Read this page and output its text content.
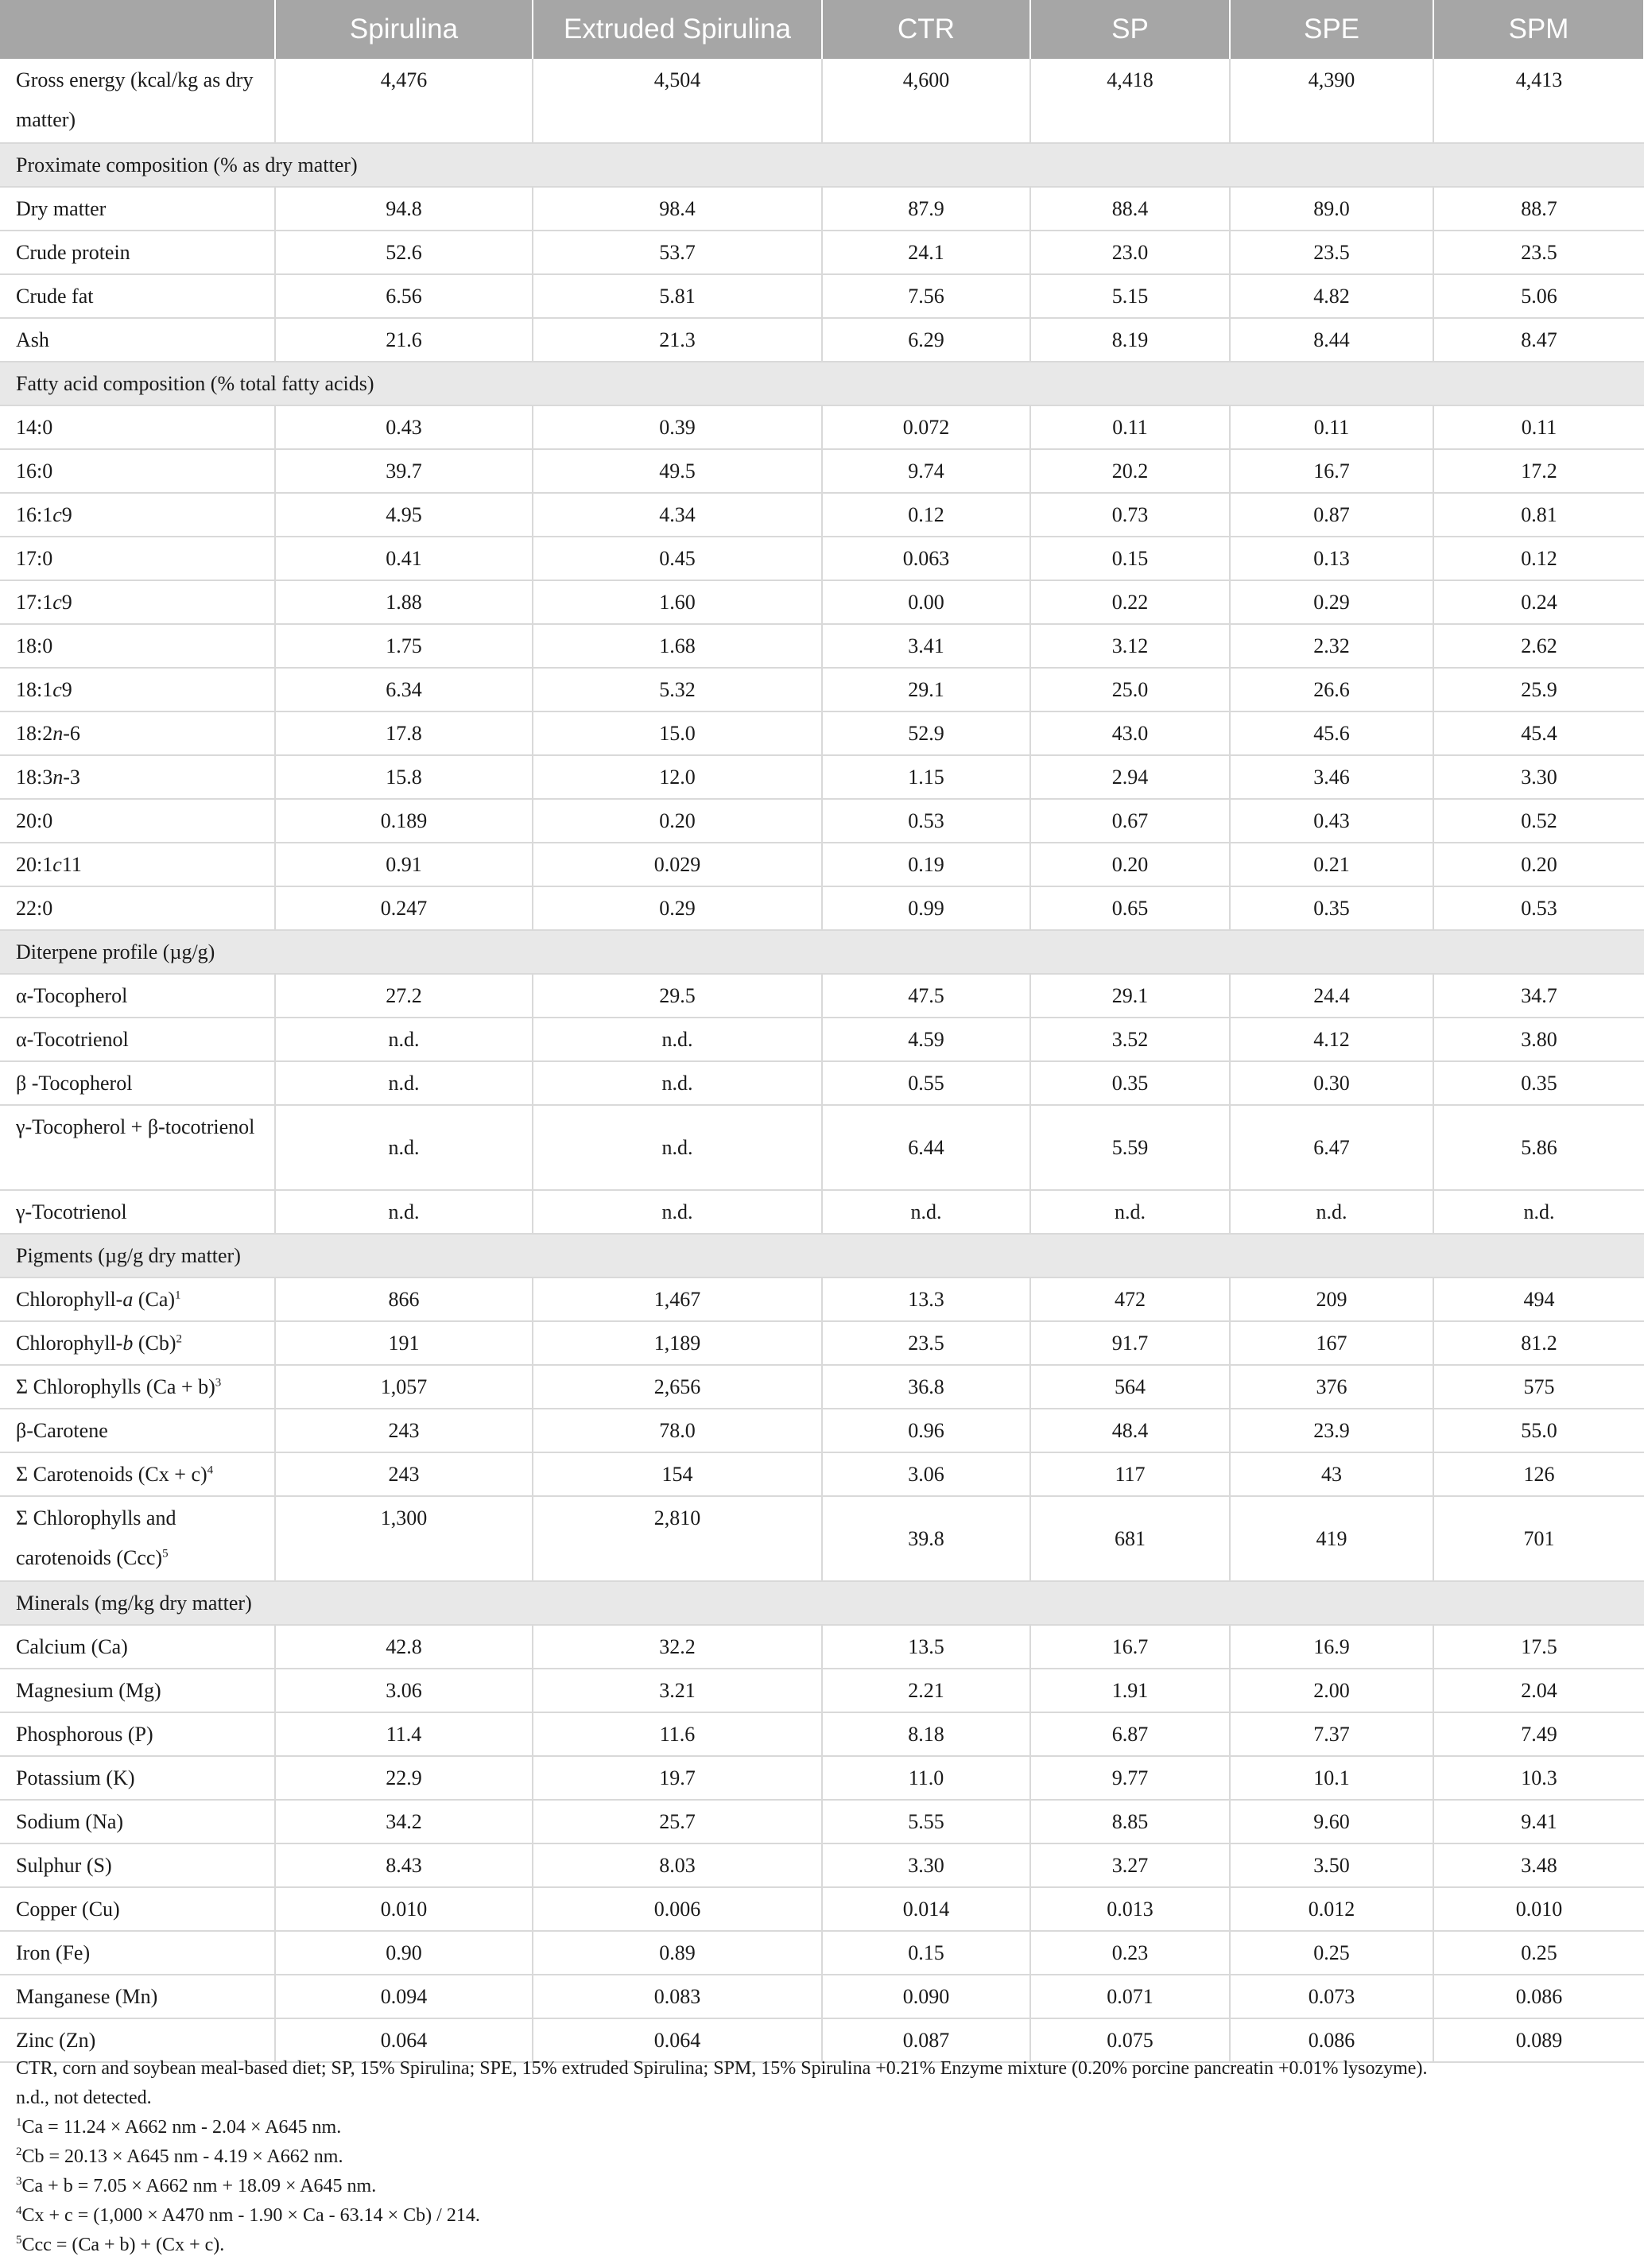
	Spirulina	Extruded Spirulina	CTR	SP	SPE	SPM
Gross energy (kcal/kg as dry matter)	4,476	4,504	4,600	4,418	4,390	4,413
Proximate composition (% as dry matter)						
Dry matter	94.8	98.4	87.9	88.4	89.0	88.7
Crude protein	52.6	53.7	24.1	23.0	23.5	23.5
Crude fat	6.56	5.81	7.56	5.15	4.82	5.06
Ash	21.6	21.3	6.29	8.19	8.44	8.47
Fatty acid composition (% total fatty acids)						
14:0	0.43	0.39	0.072	0.11	0.11	0.11
16:0	39.7	49.5	9.74	20.2	16.7	17.2
16:1c9	4.95	4.34	0.12	0.73	0.87	0.81
17:0	0.41	0.45	0.063	0.15	0.13	0.12
17:1c9	1.88	1.60	0.00	0.22	0.29	0.24
18:0	1.75	1.68	3.41	3.12	2.32	2.62
18:1c9	6.34	5.32	29.1	25.0	26.6	25.9
18:2n-6	17.8	15.0	52.9	43.0	45.6	45.4
18:3n-3	15.8	12.0	1.15	2.94	3.46	3.30
20:0	0.189	0.20	0.53	0.67	0.43	0.52
20:1c11	0.91	0.029	0.19	0.20	0.21	0.20
22:0	0.247	0.29	0.99	0.65	0.35	0.53
Diterpene profile (µg/g)						
α-Tocopherol	27.2	29.5	47.5	29.1	24.4	34.7
α-Tocotrienol	n.d.	n.d.	4.59	3.52	4.12	3.80
β -Tocopherol	n.d.	n.d.	0.55	0.35	0.30	0.35
γ-Tocopherol + β-tocotrienol	n.d.	n.d.	6.44	5.59	6.47	5.86
γ-Tocotrienol	n.d.	n.d.	n.d.	n.d.	n.d.	n.d.
Pigments (µg/g dry matter)						
Chlorophyll-a $(Ca)^1$	866	1,467	13.3	472	209	494
Chlorophyll-b $(Cb)^2$	191	1,189	23.5	91.7	167	81.2
Σ Chlorophylls $(Ca + b)^3$	1,057	2,656	36.8	564	376	575
β-Carotene	243	78.0	0.96	48.4	23.9	55.0
Σ Carotenoids $(Cx + c)^4$	243	154	3.06	117	43	126
Σ Chlorophylls and carotenoids (Ccc)$^5$	1,300	2,810	39.8	681	419	701
Minerals (mg/kg dry matter)						
Calcium (Ca)	42.8	32.2	13.5	16.7	16.9	17.5
Magnesium (Mg)	3.06	3.21	2.21	1.91	2.00	2.04
Phosphorous (P)	11.4	11.6	8.18	6.87	7.37	7.49
Potassium (K)	22.9	19.7	11.0	9.77	10.1	10.3
Sodium (Na)	34.2	25.7	5.55	8.85	9.60	9.41
Sulphur (S)	8.43	8.03	3.30	3.27	3.50	3.48
Copper (Cu)	0.010	0.006	0.014	0.013	0.012	0.010
Iron (Fe)	0.90	0.89	0.15	0.23	0.25	0.25
Manganese (Mn)	0.094	0.083	0.090	0.071	0.073	0.086
Zinc (Zn)	0.064	0.064	0.087	0.075	0.086	0.089

CTR, corn and soybean meal-based diet; SP, 15% Spirulina; SPE, 15% extruded Spirulina; SPM, 15% Spirulina +0.21% Enzyme mixture (0.20% porcine pancreatin +0.01% lysozyme).

n.d., not detected.

$^1$Ca = 11.24 × A662 nm - 2.04 × A645 nm.

$^2$Cb = 20.13 × A645 nm - 4.19 × A662 nm.

$^3$Ca + b = 7.05 × A662 nm + 18.09 × A645 nm.

$^4$Cx + c = (1,000 × A470 nm - 1.90 × Ca - 63.14 × Cb) / 214.

$^5$Ccc = (Ca + b) + (Cx + c).
